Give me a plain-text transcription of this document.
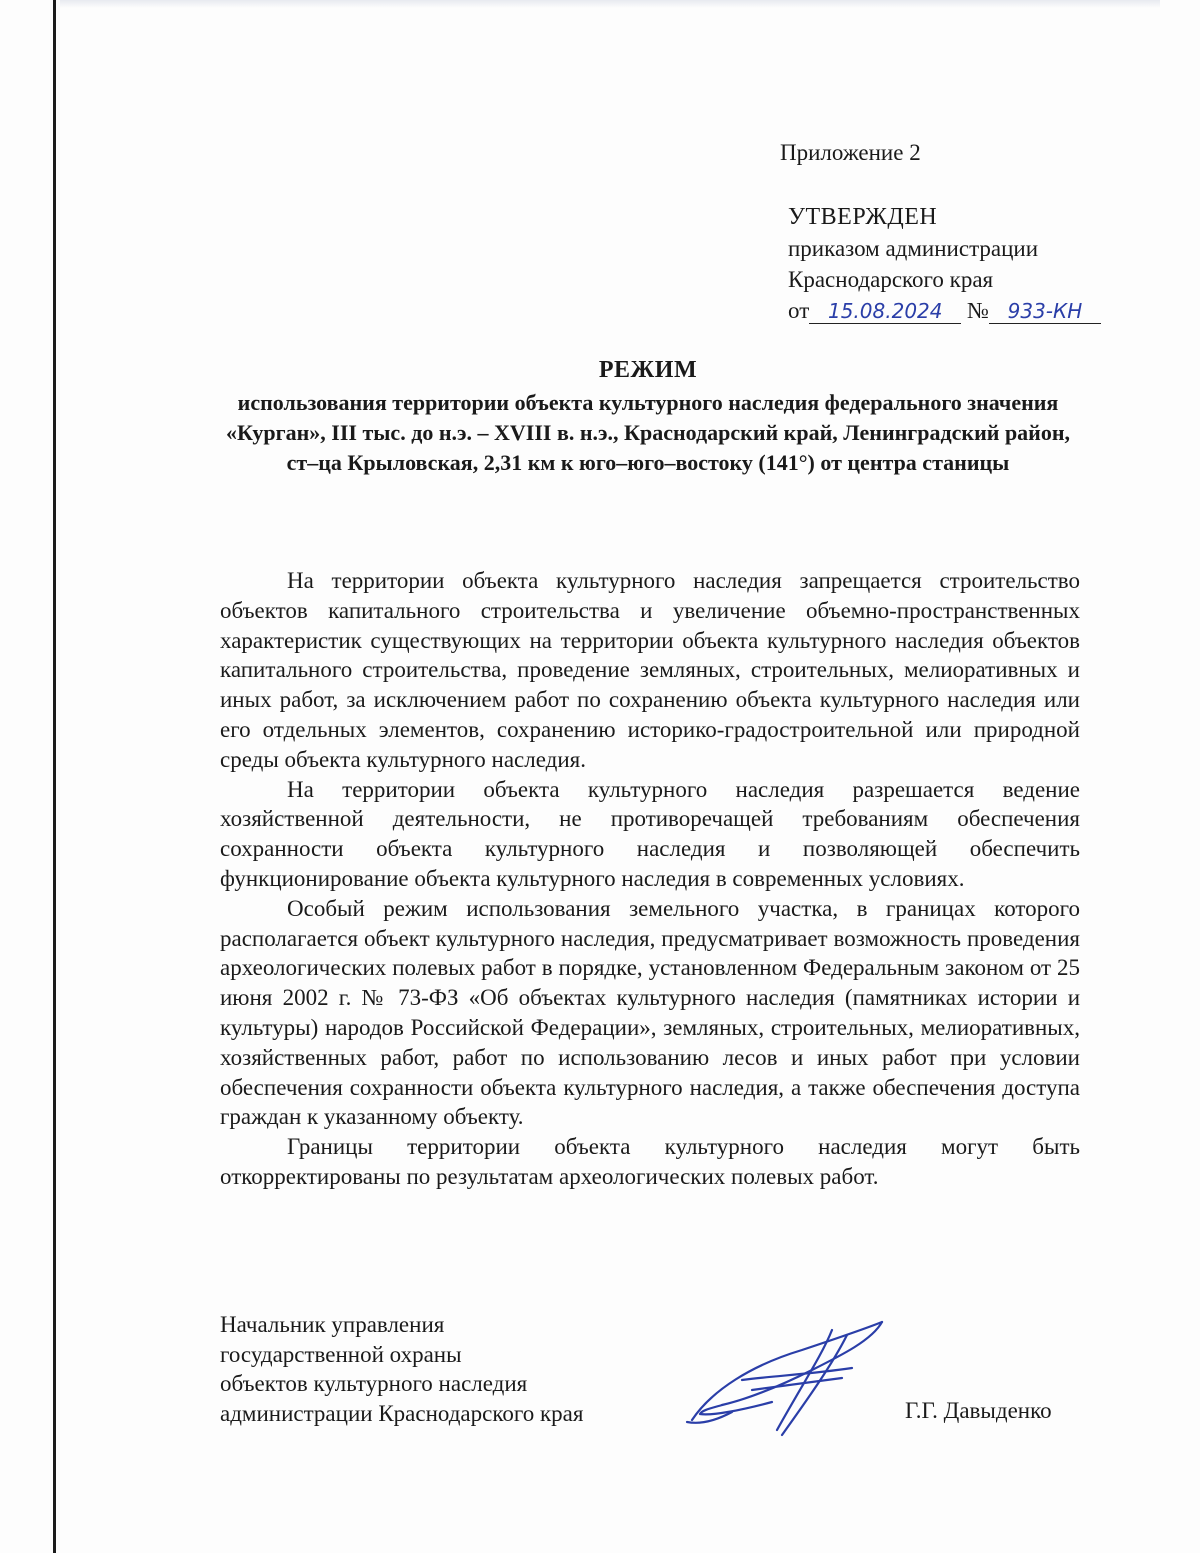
Приложение 2
УТВЕРЖДЕН
приказом администрации
Краснодарского края
от 15.08.2024 № 933-КН
РЕЖИМ
использования территории объекта культурного наследия федерального значения «Курган», III тыс. до н.э. – XVIII в. н.э., Краснодарский край, Ленинградский район, ст–ца Крыловская, 2,31 км к юго–юго–востоку (141°) от центра станицы

На территории объекта культурного наследия запрещается строительство объектов капитального строительства и увеличение объемно-пространственных характеристик существующих на территории объекта культурного наследия объектов капитального строительства, проведение земляных, строительных, мелиоративных и иных работ, за исключением работ по сохранению объекта культурного наследия или его отдельных элементов, сохранению историко-градостроительной или природной среды объекта культурного наследия.

На территории объекта культурного наследия разрешается ведение хозяйственной деятельности, не противоречащей требованиям обеспечения сохранности объекта культурного наследия и позволяющей обеспечить функционирование объекта культурного наследия в современных условиях.

Особый режим использования земельного участка, в границах которого располагается объект культурного наследия, предусматривает возможность проведения археологических полевых работ в порядке, установленном Федеральным законом от 25 июня 2002 г. № 73-ФЗ «Об объектах культурного наследия (памятниках истории и культуры) народов Российской Федерации», земляных, строительных, мелиоративных, хозяйственных работ, работ по использованию лесов и иных работ при условии обеспечения сохранности объекта культурного наследия, а также обеспечения доступа граждан к указанному объекту.

Границы территории объекта культурного наследия могут быть откорректированы по результатам археологических полевых работ.

Начальник управления
государственной охраны
объектов культурного наследия
администрации Краснодарского края	Г.Г. Давыденко
